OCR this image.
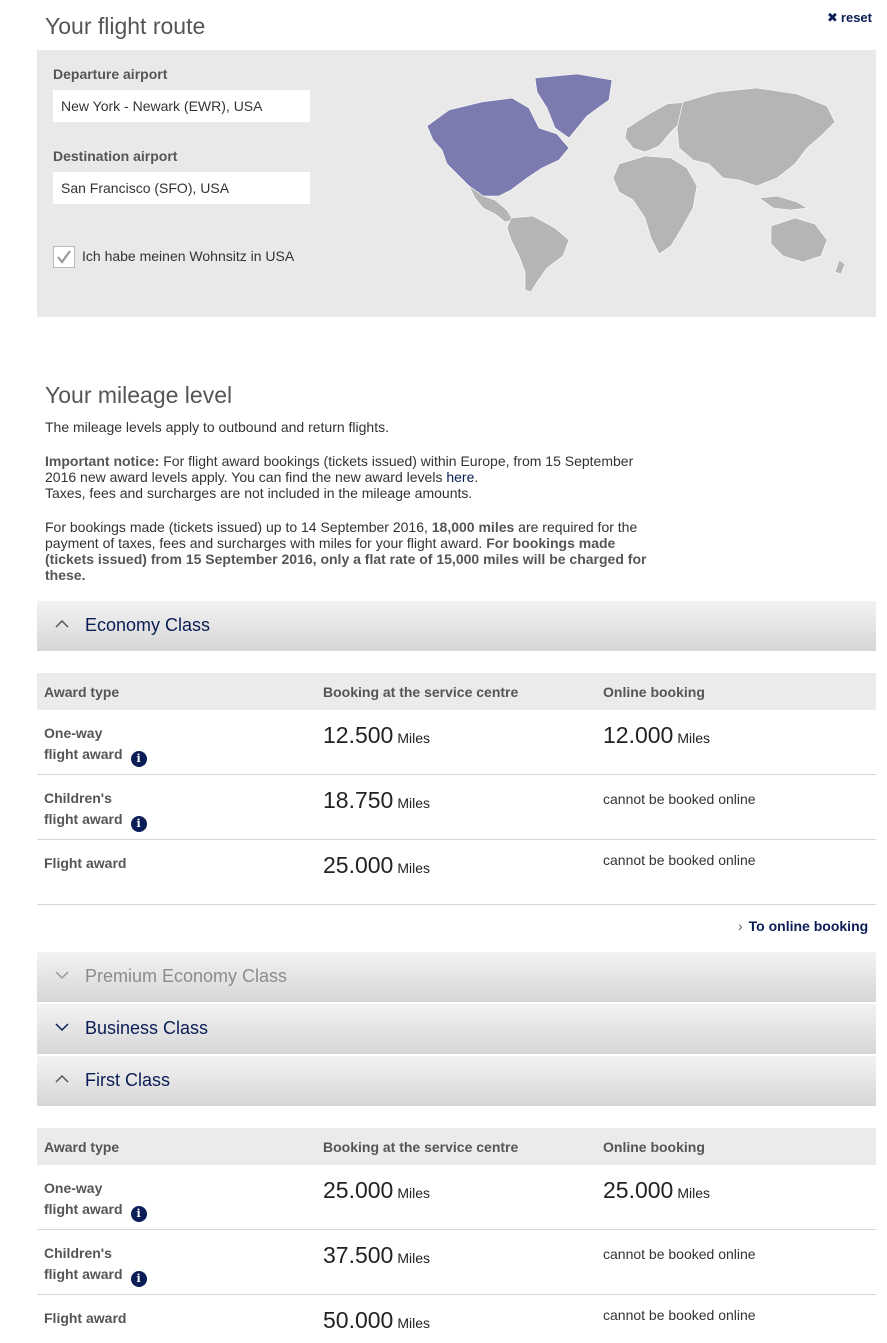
Your flight route	✖ reset
Departure airport
New York - Newark (EWR), USA
Destination airport
San Francisco (SFO), USA
Ich habe meinen Wohnsitz in USA
Your mileage level
The mileage levels apply to outbound and return flights.
Important notice: For flight award bookings (tickets issued) within Europe, from 15 September 2016 new award levels apply. You can find the new award levels here.
Taxes, fees and surcharges are not included in the mileage amounts.
For bookings made (tickets issued) up to 14 September 2016, 18,000 miles are required for the payment of taxes, fees and surcharges with miles for your flight award. For bookings made (tickets issued) from 15 September 2016, only a flat rate of 15,000 miles will be charged for these.
Economy Class
Award type	Booking at the service centre	Online booking
One-way
flight award i
12.500 Miles	12.000 Miles
Children's
flight award i
18.750 Miles	cannot be booked online
Flight award	25.000 Miles	cannot be booked online
› To online booking
Premium Economy Class
Business Class
First Class
Award type	Booking at the service centre	Online booking
One-way
flight award i
25.000 Miles	25.000 Miles
Children's
flight award i
37.500 Miles	cannot be booked online
Flight award	50.000 Miles	cannot be booked online
